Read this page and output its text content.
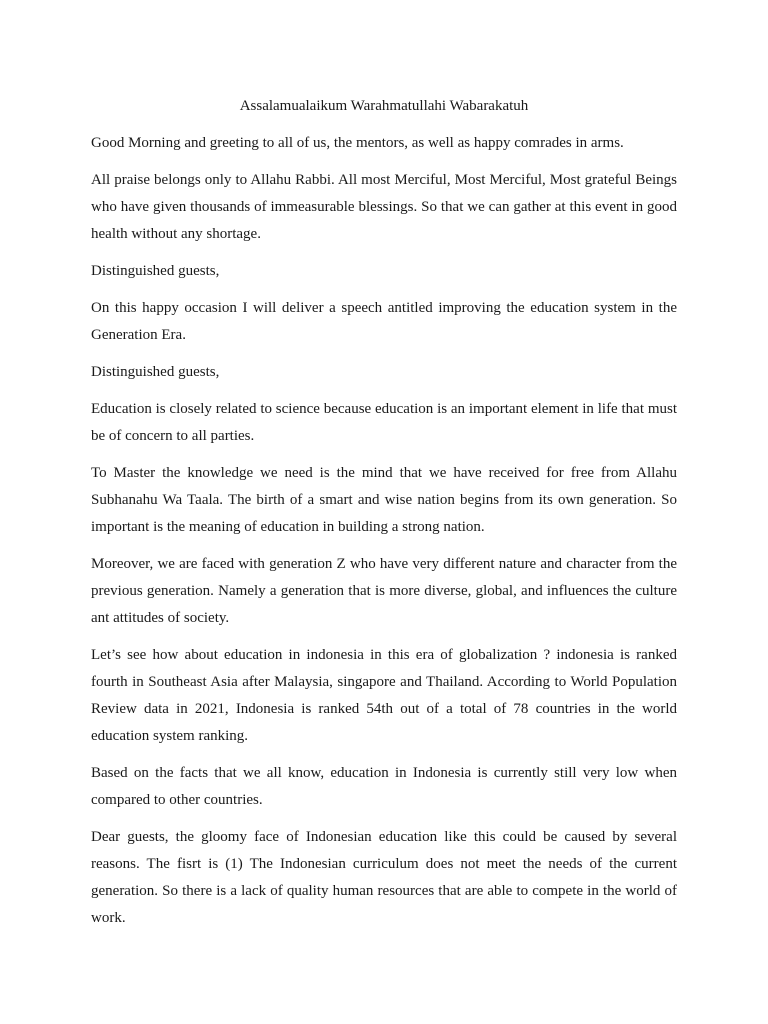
Assalamualaikum Warahmatullahi Wabarakatuh

Good Morning and greeting to all of us, the mentors, as well as happy comrades in arms.

All praise belongs only to Allahu Rabbi. All most Merciful, Most Merciful, Most grateful Beings who have given thousands of immeasurable blessings. So that we can gather at this event in good health without any shortage.

Distinguished guests,

On this happy occasion I will deliver a speech antitled improving the education system in the Generation Era.

Distinguished guests,

Education is closely related to science because education is an important element in life that must be of concern to all parties.

To Master the knowledge we need is the mind that we have received for free from Allahu Subhanahu Wa Taala. The birth of a smart and wise nation begins from its own generation. So important is the meaning of education in building a strong nation.

Moreover, we are faced with generation Z who have very different nature and character from the previous generation. Namely a generation that is more diverse, global, and influences the culture ant attitudes of society.

Let’s see how about education in indonesia in this era of globalization ? indonesia is ranked fourth in Southeast Asia after Malaysia, singapore and Thailand. According to World Population Review data in 2021, Indonesia is ranked 54th out of a total of 78 countries in the world education system ranking.

Based on the facts that we all know, education in Indonesia is currently still very low when compared to other countries.

Dear guests, the gloomy face of Indonesian education like this could be caused by several reasons. The fisrt is (1) The Indonesian curriculum does not meet the needs of the current generation. So there is a lack of quality human resources that are able to compete in the world of work.
